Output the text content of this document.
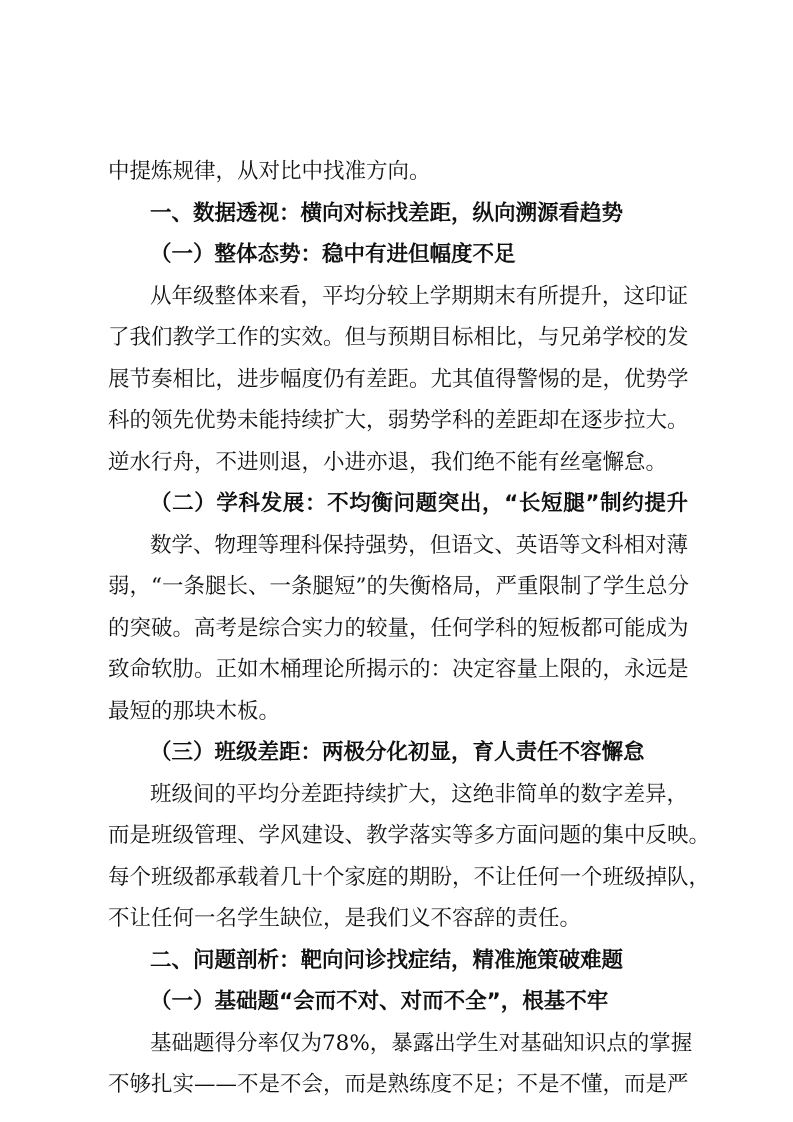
中提炼规律，从对比中找准方向。
一、数据透视：横向对标找差距，纵向溯源看趋势
（一）整体态势：稳中有进但幅度不足
从年级整体来看，平均分较上学期期末有所提升，这印证
了我们教学工作的实效。但与预期目标相比，与兄弟学校的发
展节奏相比，进步幅度仍有差距。尤其值得警惕的是，优势学
科的领先优势未能持续扩大，弱势学科的差距却在逐步拉大。
逆水行舟，不进则退，小进亦退，我们绝不能有丝毫懈怠。
（二）学科发展：不均衡问题突出，“长短腿”制约提升
数学、物理等理科保持强势，但语文、英语等文科相对薄
弱，“一条腿长、一条腿短”的失衡格局，严重限制了学生总分
的突破。高考是综合实力的较量，任何学科的短板都可能成为
致命软肋。正如木桶理论所揭示的：决定容量上限的，永远是
最短的那块木板。
（三）班级差距：两极分化初显，育人责任不容懈怠
班级间的平均分差距持续扩大，这绝非简单的数字差异，
而是班级管理、学风建设、教学落实等多方面问题的集中反映。
每个班级都承载着几十个家庭的期盼，不让任何一个班级掉队，
不让任何一名学生缺位，是我们义不容辞的责任。
二、问题剖析：靶向问诊找症结，精准施策破难题
（一）基础题“会而不对、对而不全”，根基不牢
基础题得分率仅为78%，暴露出学生对基础知识点的掌握
不够扎实——不是不会，而是熟练度不足；不是不懂，而是严
